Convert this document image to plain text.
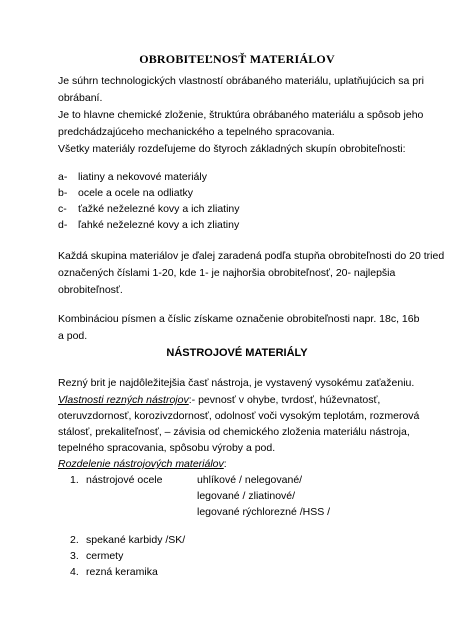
OBROBITEĽNOSŤ MATERIÁLOV
Je súhrn technologických vlastností obrábaného materiálu, uplatňujúcich sa pri
obrábaní.
Je to hlavne chemické zloženie, štruktúra obrábaného materiálu a spôsob jeho
predchádzajúceho mechanického a tepelného spracovania.
Všetky materiály rozdeľujeme do štyroch základných skupín obrobiteľnosti:
a- liatiny a nekovové materiály
b- ocele a ocele na odliatky
c- ťažké neželezné kovy a ich zliatiny
d- ľahké neželezné kovy a ich zliatiny
Každá skupina materiálov je ďalej zaradená podľa stupňa obrobiteľnosti do 20 tried
označených číslami 1-20, kde 1- je najhoršia obrobiteľnosť, 20- najlepšia
obrobiteľnosť.
Kombináciou písmen a číslic získame označenie obrobiteľnosti napr. 18c, 16b
a pod.
NÁSTROJOVÉ MATERIÁLY
Rezný brit je najdôležitejšia časť nástroja, je vystavený vysokému zaťaženiu.
Vlastnosti rezných nástrojov:- pevnosť v ohybe, tvrdosť, húževnatosť,
oteruvzdornosť, korozivzdornosť, odolnosť voči vysokým teplotám, rozmerová
stálosť, prekaliteľnosť, – závisia od chemického zloženia materiálu nástroja,
tepelného spracovania, spôsobu výroby a pod.
Rozdelenie nástrojových materiálov:
1. nástrojové ocele	uhlíkové / nelegované/
legované / zliatinové/
legované rýchlorezné /HSS /
2. spekané karbidy /SK/
3. cermety
4. rezná keramika
